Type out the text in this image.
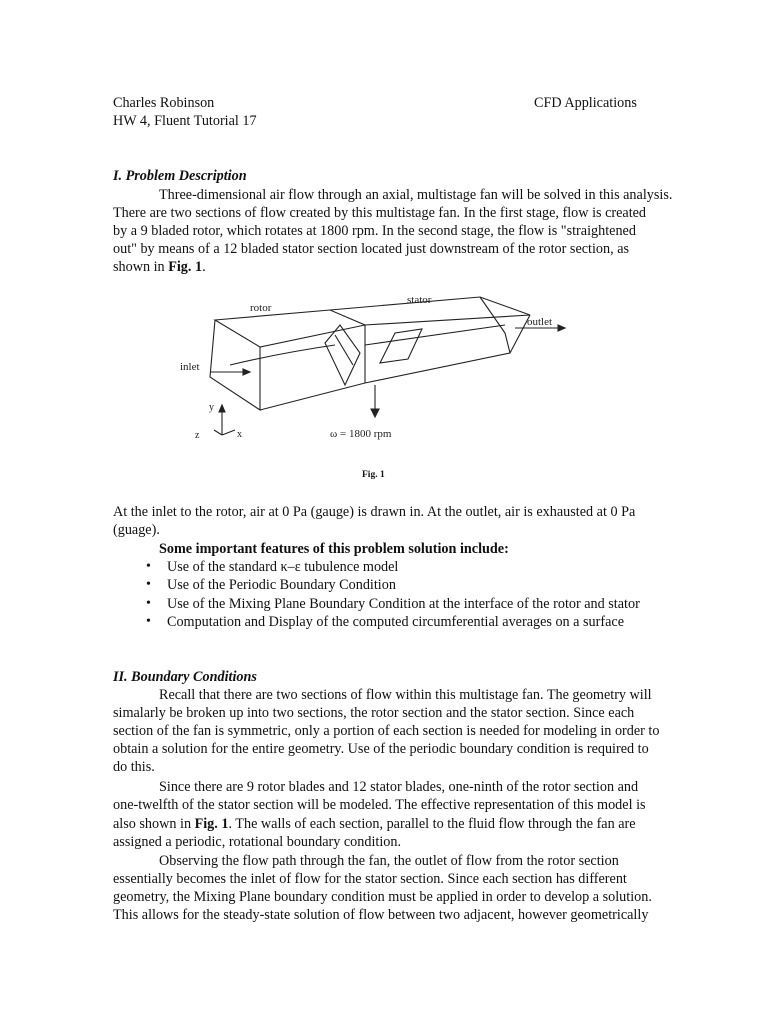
Charles Robinson	CFD Applications
HW 4, Fluent Tutorial 17
I. Problem Description
Three-dimensional air flow through an axial, multistage fan will be solved in this analysis.
There are two sections of flow created by this multistage fan. In the first stage, flow is created
by a 9 bladed rotor, which rotates at 1800 rpm. In the second stage, the flow is "straightened
out" by means of a 12 bladed stator section located just downstream of the rotor section, as
shown in Fig. 1.
rotor
stator
outlet
inlet
y
z	x	ω = 1800 rpm
Fig. 1
At the inlet to the rotor, air at 0 Pa (gauge) is drawn in. At the outlet, air is exhausted at 0 Pa
(guage).
Some important features of this problem solution include:
• Use of the standard κ–ε tubulence model
• Use of the Periodic Boundary Condition
• Use of the Mixing Plane Boundary Condition at the interface of the rotor and stator
• Computation and Display of the computed circumferential averages on a surface
II. Boundary Conditions
Recall that there are two sections of flow within this multistage fan. The geometry will
simalarly be broken up into two sections, the rotor section and the stator section. Since each
section of the fan is symmetric, only a portion of each section is needed for modeling in order to
obtain a solution for the entire geometry. Use of the periodic boundary condition is required to
do this.
Since there are 9 rotor blades and 12 stator blades, one-ninth of the rotor section and
one-twelfth of the stator section will be modeled. The effective representation of this model is
also shown in Fig. 1. The walls of each section, parallel to the fluid flow through the fan are
assigned a periodic, rotational boundary condition.
Observing the flow path through the fan, the outlet of flow from the rotor section
essentially becomes the inlet of flow for the stator section. Since each section has different
geometry, the Mixing Plane boundary condition must be applied in order to develop a solution.
This allows for the steady-state solution of flow between two adjacent, however geometrically
